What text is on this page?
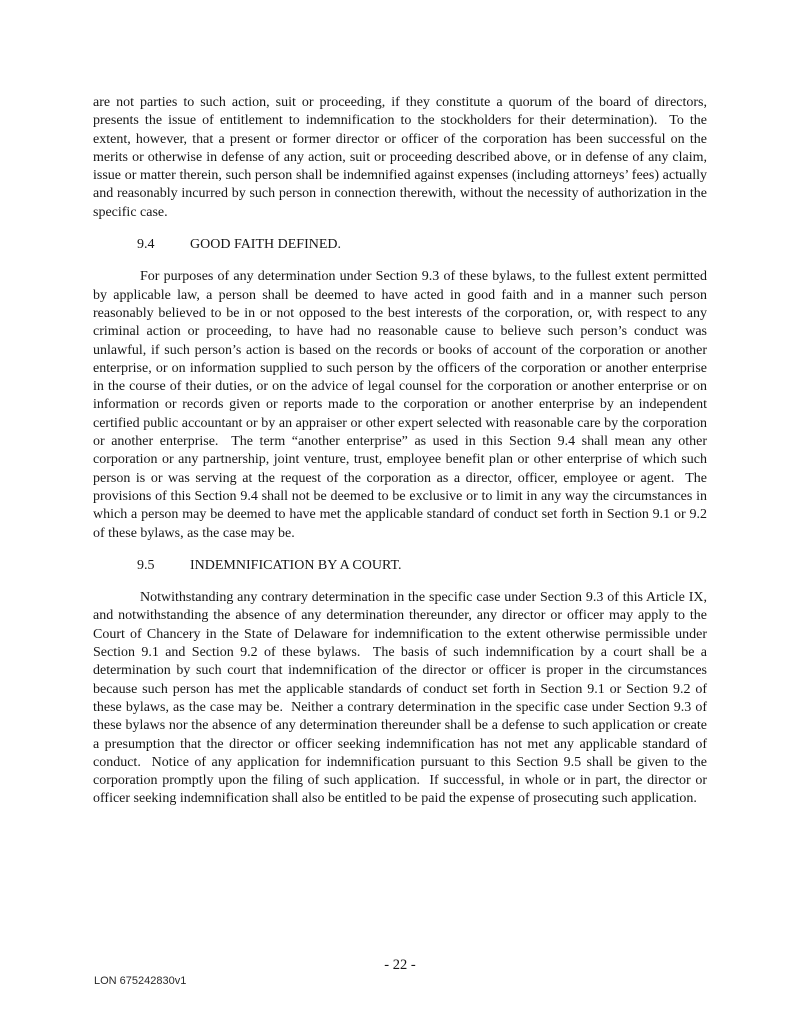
are not parties to such action, suit or proceeding, if they constitute a quorum of the board of directors, presents the issue of entitlement to indemnification to the stockholders for their determination).  To the extent, however, that a present or former director or officer of the corporation has been successful on the merits or otherwise in defense of any action, suit or proceeding described above, or in defense of any claim, issue or matter therein, such person shall be indemnified against expenses (including attorneys’ fees) actually and reasonably incurred by such person in connection therewith, without the necessity of authorization in the specific case.

9.4	GOOD FAITH DEFINED.

For purposes of any determination under Section 9.3 of these bylaws, to the fullest extent permitted by applicable law, a person shall be deemed to have acted in good faith and in a manner such person reasonably believed to be in or not opposed to the best interests of the corporation, or, with respect to any criminal action or proceeding, to have had no reasonable cause to believe such person’s conduct was unlawful, if such person’s action is based on the records or books of account of the corporation or another enterprise, or on information supplied to such person by the officers of the corporation or another enterprise in the course of their duties, or on the advice of legal counsel for the corporation or another enterprise or on information or records given or reports made to the corporation or another enterprise by an independent certified public accountant or by an appraiser or other expert selected with reasonable care by the corporation or another enterprise.  The term “another enterprise” as used in this Section 9.4 shall mean any other corporation or any partnership, joint venture, trust, employee benefit plan or other enterprise of which such person is or was serving at the request of the corporation as a director, officer, employee or agent.  The provisions of this Section 9.4 shall not be deemed to be exclusive or to limit in any way the circumstances in which a person may be deemed to have met the applicable standard of conduct set forth in Section 9.1 or 9.2 of these bylaws, as the case may be.

9.5	INDEMNIFICATION BY A COURT.

Notwithstanding any contrary determination in the specific case under Section 9.3 of this Article IX, and notwithstanding the absence of any determination thereunder, any director or officer may apply to the Court of Chancery in the State of Delaware for indemnification to the extent otherwise permissible under Section 9.1 and Section 9.2 of these bylaws.  The basis of such indemnification by a court shall be a determination by such court that indemnification of the director or officer is proper in the circumstances because such person has met the applicable standards of conduct set forth in Section 9.1 or Section 9.2 of these bylaws, as the case may be.  Neither a contrary determination in the specific case under Section 9.3 of these bylaws nor the absence of any determination thereunder shall be a defense to such application or create a presumption that the director or officer seeking indemnification has not met any applicable standard of conduct.  Notice of any application for indemnification pursuant to this Section 9.5 shall be given to the corporation promptly upon the filing of such application.  If successful, in whole or in part, the director or officer seeking indemnification shall also be entitled to be paid the expense of prosecuting such application.

- 22 -
LON 675242830v1
